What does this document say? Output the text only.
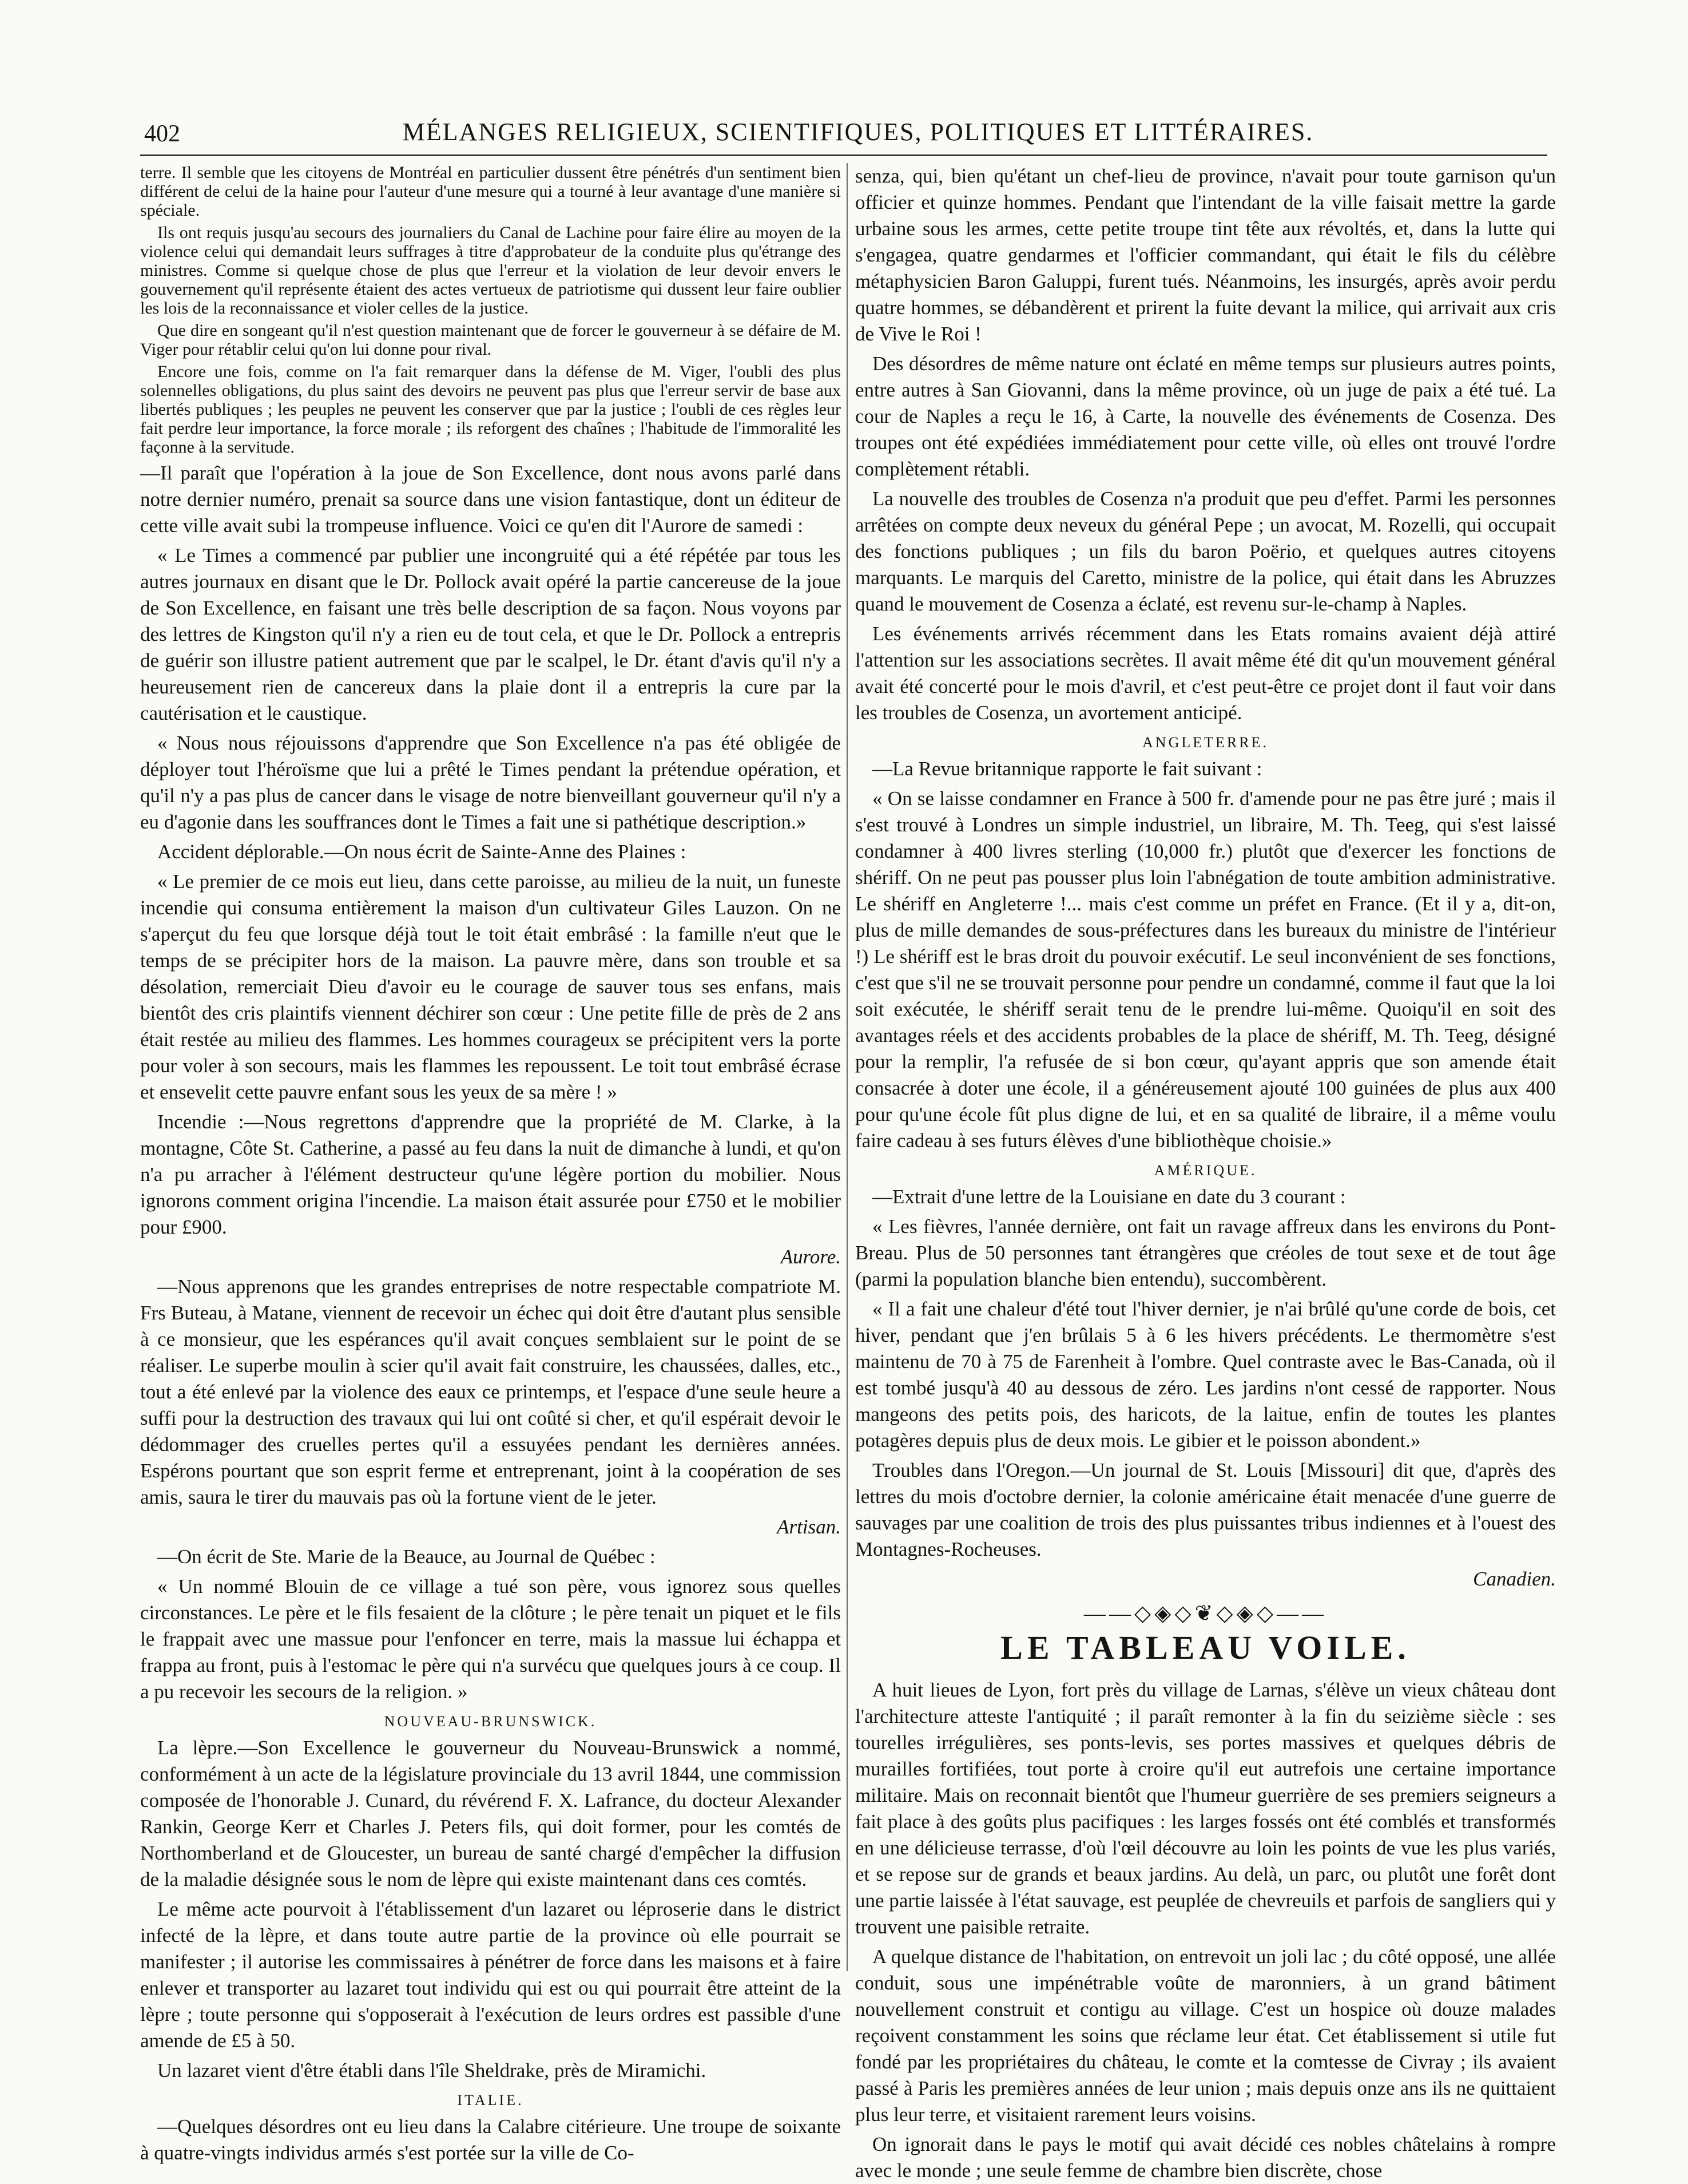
402	MÉLANGES RELIGIEUX, SCIENTIFIQUES, POLITIQUES ET LITTÉRAIRES.

terre. Il semble que les citoyens de Montréal en particulier dussent être pénétrés d'un sentiment bien différent de celui de la haine pour l'auteur d'une mesure qui a tourné à leur avantage d'une manière si spéciale.

Ils ont requis jusqu'au secours des journaliers du Canal de Lachine pour faire élire au moyen de la violence celui qui demandait leurs suffrages à titre d'approbateur de la conduite plus qu'étrange des ministres. Comme si quelque chose de plus que l'erreur et la violation de leur devoir envers le gouvernement qu'il représente étaient des actes vertueux de patriotisme qui dussent leur faire oublier les lois de la reconnaissance et violer celles de la justice.

Que dire en songeant qu'il n'est question maintenant que de forcer le gouverneur à se défaire de M. Viger pour rétablir celui qu'on lui donne pour rival.

Encore une fois, comme on l'a fait remarquer dans la défense de M. Viger, l'oubli des plus solennelles obligations, du plus saint des devoirs ne peuvent pas plus que l'erreur servir de base aux libertés publiques ; les peuples ne peuvent les conserver que par la justice ; l'oubli de ces règles leur fait perdre leur importance, la force morale ; ils reforgent des chaînes ; l'habitude de l'immoralité les façonne à la servitude.

—Il paraît que l'opération à la joue de Son Excellence, dont nous avons parlé dans notre dernier numéro, prenait sa source dans une vision fantastique, dont un éditeur de cette ville avait subi la trompeuse influence. Voici ce qu'en dit l'Aurore de samedi :

« Le Times a commencé par publier une incongruité qui a été répétée par tous les autres journaux en disant que le Dr. Pollock avait opéré la partie cancereuse de la joue de Son Excellence, en faisant une très belle description de sa façon. Nous voyons par des lettres de Kingston qu'il n'y a rien eu de tout cela, et que le Dr. Pollock a entrepris de guérir son illustre patient autrement que par le scalpel, le Dr. étant d'avis qu'il n'y a heureusement rien de cancereux dans la plaie dont il a entrepris la cure par la cautérisation et le caustique.

« Nous nous réjouissons d'apprendre que Son Excellence n'a pas été obligée de déployer tout l'héroïsme que lui a prêté le Times pendant la prétendue opération, et qu'il n'y a pas plus de cancer dans le visage de notre bienveillant gouverneur qu'il n'y a eu d'agonie dans les souffrances dont le Times a fait une si pathétique description.»

Accident déplorable.—On nous écrit de Sainte-Anne des Plaines :

« Le premier de ce mois eut lieu, dans cette paroisse, au milieu de la nuit, un funeste incendie qui consuma entièrement la maison d'un cultivateur Giles Lauzon. On ne s'aperçut du feu que lorsque déjà tout le toit était embrâsé : la famille n'eut que le temps de se précipiter hors de la maison. La pauvre mère, dans son trouble et sa désolation, remerciait Dieu d'avoir eu le courage de sauver tous ses enfans, mais bientôt des cris plaintifs viennent déchirer son cœur : Une petite fille de près de 2 ans était restée au milieu des flammes. Les hommes courageux se précipitent vers la porte pour voler à son secours, mais les flammes les repoussent. Le toit tout embrâsé écrase et ensevelit cette pauvre enfant sous les yeux de sa mère ! »

Incendie :—Nous regrettons d'apprendre que la propriété de M. Clarke, à la montagne, Côte St. Catherine, a passé au feu dans la nuit de dimanche à lundi, et qu'on n'a pu arracher à l'élément destructeur qu'une légère portion du mobilier. Nous ignorons comment origina l'incendie. La maison était assurée pour £750 et le mobilier pour £900.

Aurore.

—Nous apprenons que les grandes entreprises de notre respectable compatriote M. Frs Buteau, à Matane, viennent de recevoir un échec qui doit être d'autant plus sensible à ce monsieur, que les espérances qu'il avait conçues semblaient sur le point de se réaliser. Le superbe moulin à scier qu'il avait fait construire, les chaussées, dalles, etc., tout a été enlevé par la violence des eaux ce printemps, et l'espace d'une seule heure a suffi pour la destruction des travaux qui lui ont coûté si cher, et qu'il espérait devoir le dédommager des cruelles pertes qu'il a essuyées pendant les dernières années. Espérons pourtant que son esprit ferme et entreprenant, joint à la coopération de ses amis, saura le tirer du mauvais pas où la fortune vient de le jeter.

Artisan.

—On écrit de Ste. Marie de la Beauce, au Journal de Québec :

« Un nommé Blouin de ce village a tué son père, vous ignorez sous quelles circonstances. Le père et le fils fesaient de la clôture ; le père tenait un piquet et le fils le frappait avec une massue pour l'enfoncer en terre, mais la massue lui échappa et frappa au front, puis à l'estomac le père qui n'a survécu que quelques jours à ce coup. Il a pu recevoir les secours de la religion. »

NOUVEAU-BRUNSWICK.

La lèpre.—Son Excellence le gouverneur du Nouveau-Brunswick a nommé, conformément à un acte de la législature provinciale du 13 avril 1844, une commission composée de l'honorable J. Cunard, du révérend F. X. Lafrance, du docteur Alexander Rankin, George Kerr et Charles J. Peters fils, qui doit former, pour les comtés de Northomberland et de Gloucester, un bureau de santé chargé d'empêcher la diffusion de la maladie désignée sous le nom de lèpre qui existe maintenant dans ces comtés.

Le même acte pourvoit à l'établissement d'un lazaret ou léproserie dans le district infecté de la lèpre, et dans toute autre partie de la province où elle pourrait se manifester ; il autorise les commissaires à pénétrer de force dans les maisons et à faire enlever et transporter au lazaret tout individu qui est ou qui pourrait être atteint de la lèpre ; toute personne qui s'opposerait à l'exécution de leurs ordres est passible d'une amende de £5 à 50.

Un lazaret vient d'être établi dans l'île Sheldrake, près de Miramichi.

ITALIE.

—Quelques désordres ont eu lieu dans la Calabre citérieure. Une troupe de soixante à quatre-vingts individus armés s'est portée sur la ville de Co-

senza, qui, bien qu'étant un chef-lieu de province, n'avait pour toute garnison qu'un officier et quinze hommes. Pendant que l'intendant de la ville faisait mettre la garde urbaine sous les armes, cette petite troupe tint tête aux révoltés, et, dans la lutte qui s'engagea, quatre gendarmes et l'officier commandant, qui était le fils du célèbre métaphysicien Baron Galuppi, furent tués. Néanmoins, les insurgés, après avoir perdu quatre hommes, se débandèrent et prirent la fuite devant la milice, qui arrivait aux cris de Vive le Roi !

Des désordres de même nature ont éclaté en même temps sur plusieurs autres points, entre autres à San Giovanni, dans la même province, où un juge de paix a été tué. La cour de Naples a reçu le 16, à Carte, la nouvelle des événements de Cosenza. Des troupes ont été expédiées immédiatement pour cette ville, où elles ont trouvé l'ordre complètement rétabli.

La nouvelle des troubles de Cosenza n'a produit que peu d'effet. Parmi les personnes arrêtées on compte deux neveux du général Pepe ; un avocat, M. Rozelli, qui occupait des fonctions publiques ; un fils du baron Poërio, et quelques autres citoyens marquants. Le marquis del Caretto, ministre de la police, qui était dans les Abruzzes quand le mouvement de Cosenza a éclaté, est revenu sur-le-champ à Naples.

Les événements arrivés récemment dans les Etats romains avaient déjà attiré l'attention sur les associations secrètes. Il avait même été dit qu'un mouvement général avait été concerté pour le mois d'avril, et c'est peut-être ce projet dont il faut voir dans les troubles de Cosenza, un avortement anticipé.

ANGLETERRE.

—La Revue britannique rapporte le fait suivant :

« On se laisse condamner en France à 500 fr. d'amende pour ne pas être juré ; mais il s'est trouvé à Londres un simple industriel, un libraire, M. Th. Teeg, qui s'est laissé condamner à 400 livres sterling (10,000 fr.) plutôt que d'exercer les fonctions de shériff. On ne peut pas pousser plus loin l'abnégation de toute ambition administrative. Le shériff en Angleterre !... mais c'est comme un préfet en France. (Et il y a, dit-on, plus de mille demandes de sous-préfectures dans les bureaux du ministre de l'intérieur !) Le shériff est le bras droit du pouvoir exécutif. Le seul inconvénient de ses fonctions, c'est que s'il ne se trouvait personne pour pendre un condamné, comme il faut que la loi soit exécutée, le shériff serait tenu de le prendre lui-même. Quoiqu'il en soit des avantages réels et des accidents probables de la place de shériff, M. Th. Teeg, désigné pour la remplir, l'a refusée de si bon cœur, qu'ayant appris que son amende était consacrée à doter une école, il a généreusement ajouté 100 guinées de plus aux 400 pour qu'une école fût plus digne de lui, et en sa qualité de libraire, il a même voulu faire cadeau à ses futurs élèves d'une bibliothèque choisie.»

AMÉRIQUE.

—Extrait d'une lettre de la Louisiane en date du 3 courant :

« Les fièvres, l'année dernière, ont fait un ravage affreux dans les environs du Pont-Breau. Plus de 50 personnes tant étrangères que créoles de tout sexe et de tout âge (parmi la population blanche bien entendu), succombèrent.

« Il a fait une chaleur d'été tout l'hiver dernier, je n'ai brûlé qu'une corde de bois, cet hiver, pendant que j'en brûlais 5 à 6 les hivers précédents. Le thermomètre s'est maintenu de 70 à 75 de Farenheit à l'ombre. Quel contraste avec le Bas-Canada, où il est tombé jusqu'à 40 au dessous de zéro. Les jardins n'ont cessé de rapporter. Nous mangeons des petits pois, des haricots, de la laitue, enfin de toutes les plantes potagères depuis plus de deux mois. Le gibier et le poisson abondent.»

Troubles dans l'Oregon.—Un journal de St. Louis [Missouri] dit que, d'après des lettres du mois d'octobre dernier, la colonie américaine était menacée d'une guerre de sauvages par une coalition de trois des plus puissantes tribus indiennes et à l'ouest des Montagnes-Rocheuses.

Canadien.

——◇◈◇❦◇◈◇——
LE TABLEAU VOILE.

A huit lieues de Lyon, fort près du village de Larnas, s'élève un vieux château dont l'architecture atteste l'antiquité ; il paraît remonter à la fin du seizième siècle : ses tourelles irrégulières, ses ponts-levis, ses portes massives et quelques débris de murailles fortifiées, tout porte à croire qu'il eut autrefois une certaine importance militaire. Mais on reconnait bientôt que l'humeur guerrière de ses premiers seigneurs a fait place à des goûts plus pacifiques : les larges fossés ont été comblés et transformés en une délicieuse terrasse, d'où l'œil découvre au loin les points de vue les plus variés, et se repose sur de grands et beaux jardins. Au delà, un parc, ou plutôt une forêt dont une partie laissée à l'état sauvage, est peuplée de chevreuils et parfois de sangliers qui y trouvent une paisible retraite.

A quelque distance de l'habitation, on entrevoit un joli lac ; du côté opposé, une allée conduit, sous une impénétrable voûte de maronniers, à un grand bâtiment nouvellement construit et contigu au village. C'est un hospice où douze malades reçoivent constamment les soins que réclame leur état. Cet établissement si utile fut fondé par les propriétaires du château, le comte et la comtesse de Civray ; ils avaient passé à Paris les premières années de leur union ; mais depuis onze ans ils ne quittaient plus leur terre, et visitaient rarement leurs voisins.

On ignorait dans le pays le motif qui avait décidé ces nobles châtelains à rompre avec le monde ; une seule femme de chambre bien discrète, chose
